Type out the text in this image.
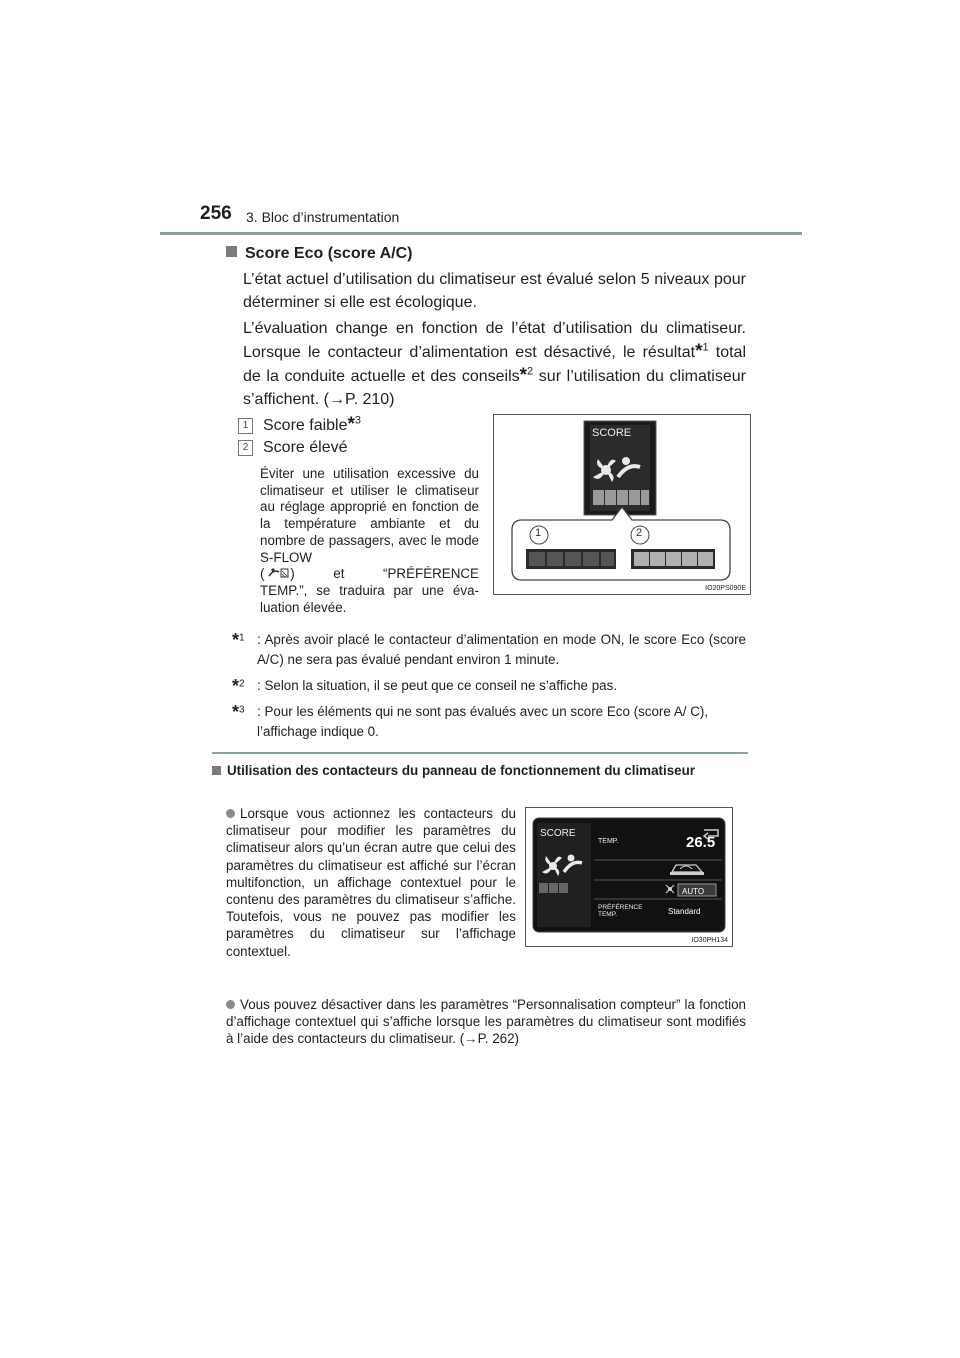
256 3. Bloc d’instrumentation
Score Eco (score A/C)
L’état actuel d’utilisation du climatiseur est évalué selon 5 niveaux pour déterminer si elle est écologique.
L’évaluation change en fonction de l’état d’utilisation du climatiseur. Lorsque le contacteur d’alimentation est désactivé, le résultat*$^1$ total de la conduite actuelle et des conseils*$^2$ sur l’utilisation du climatiseur s’affichent. (→P. 210)
1 Score faible*$^3$
2 Score élevé
Éviter une utilisation excessive du climatiseur et utiliser le climatiseur au réglage approprié en fonction de la température ambiante et du nombre de passagers, avec le mode S-FLOW
( )	et	“PRÉFÉRENCE
TEMP.”, se traduira par une évaluation élevée.
SCORE
1	2
IO20PS090E
*$^1$ : Après avoir placé le contacteur d’alimentation en mode ON, le score Eco (score A/C) ne sera pas évalué pendant environ 1 minute.
*$^2$ : Selon la situation, il se peut que ce conseil ne s’affiche pas.
*$^3$ : Pour les éléments qui ne sont pas évalués avec un score Eco (score A/ C), l’affichage indique 0.
Utilisation des contacteurs du panneau de fonctionnement du climatiseur
Lorsque vous actionnez les contacteurs du climatiseur pour modifier les paramètres du climatiseur alors qu’un écran autre que celui des paramètres du climatiseur est affiché sur l’écran multifonction, un affichage contextuel pour le contenu des paramètres du climatiseur s’affiche. Toutefois, vous ne pouvez pas modifier les paramètres du climatiseur sur l’affichage contextuel.
SCORE
TEMP.	26.5
AUTO
PRÉFÉRENCE
TEMP.	Standard
IO30PH134
Vous pouvez désactiver dans les paramètres “Personnalisation compteur” la fonction d’affichage contextuel qui s’affiche lorsque les paramètres du climatiseur sont modifiés à l’aide des contacteurs du climatiseur. (→P. 262)
